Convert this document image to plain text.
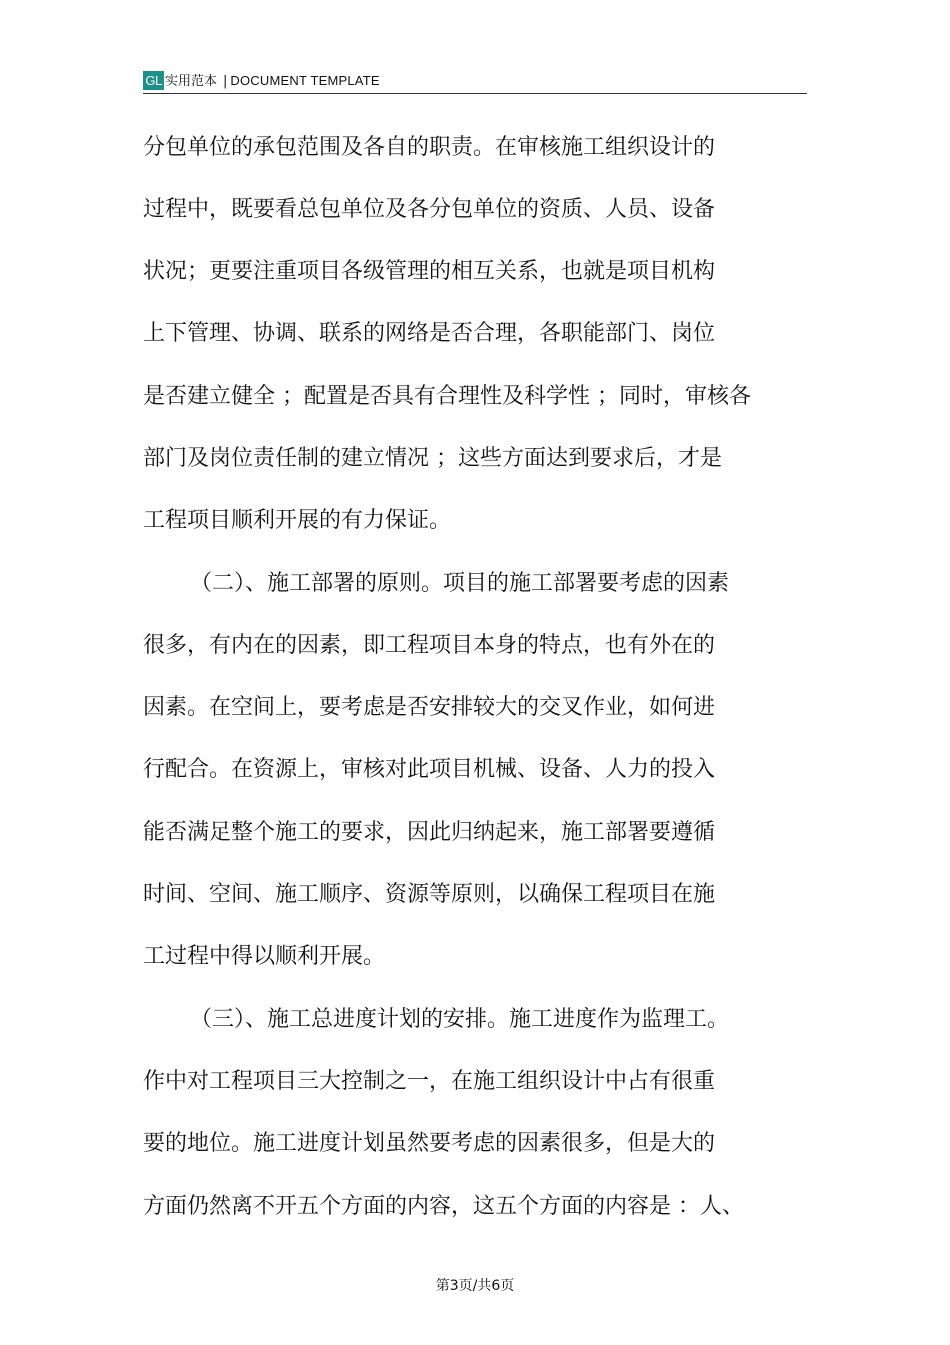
GL 实用范本 | DOCUMENT TEMPLATE
分包单位的承包范围及各自的职责。在审核施工组织设计的
过程中，既要看总包单位及各分包单位的资质、人员、设备
状况；更要注重项目各级管理的相互关系，也就是项目机构
上下管理、协调、联系的网络是否合理，各职能部门、岗位
是否建立健全 ；配置是否具有合理性及科学性 ；同时，审核各
部门及岗位责任制的建立情况 ；这些方面达到要求后，才是
工程项目顺利开展的有力保证。
（二）、施工部署的原则。项目的施工部署要考虑的因素
很多，有内在的因素，即工程项目本身的特点，也有外在的
因素。在空间上，要考虑是否安排较大的交叉作业，如何进
行配合。在资源上，审核对此项目机械、设备、人力的投入
能否满足整个施工的要求，因此归纳起来，施工部署要遵循
时间、空间、施工顺序、资源等原则，以确保工程项目在施
工过程中得以顺利开展。
（三）、施工总进度计划的安排。施工进度作为监理工。
作中对工程项目三大控制之一，在施工组织设计中占有很重
要的地位。施工进度计划虽然要考虑的因素很多，但是大的
方面仍然离不开五个方面的内容，这五个方面的内容是 ：人、
第3页/共6页
